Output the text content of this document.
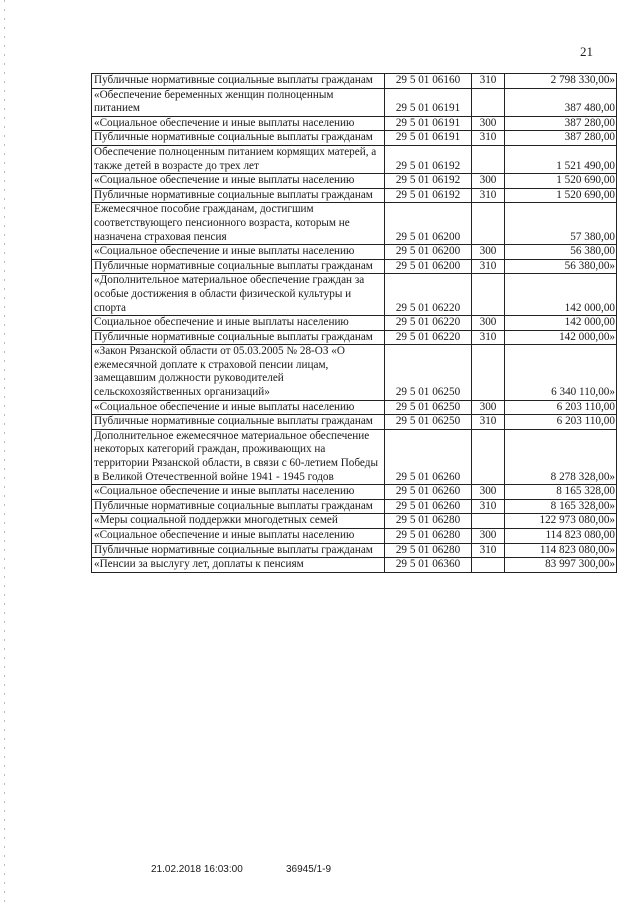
21
Публичные нормативные социальные выплаты гражданам	29 5 01 06160	310	2 798 330,00»
«Обеспечение беременных женщин полноценным питанием	29 5 01 06191		387 480,00
«Социальное обеспечение и иные выплаты населению	29 5 01 06191	300	387 280,00
Публичные нормативные социальные выплаты гражданам	29 5 01 06191	310	387 280,00
Обеспечение полноценным питанием кормящих матерей, а также детей в возрасте до трех лет	29 5 01 06192		1 521 490,00
«Социальное обеспечение и иные выплаты населению	29 5 01 06192	300	1 520 690,00
Публичные нормативные социальные выплаты гражданам	29 5 01 06192	310	1 520 690,00
Ежемесячное пособие гражданам, достигшим соответствующего пенсионного возраста, которым не назначена страховая пенсия	29 5 01 06200		57 380,00
«Социальное обеспечение и иные выплаты населению	29 5 01 06200	300	56 380,00
Публичные нормативные социальные выплаты гражданам	29 5 01 06200	310	56 380,00»
«Дополнительное материальное обеспечение граждан за особые достижения в области физической культуры и спорта	29 5 01 06220		142 000,00
Социальное обеспечение и иные выплаты населению	29 5 01 06220	300	142 000,00
Публичные нормативные социальные выплаты гражданам	29 5 01 06220	310	142 000,00»
«Закон Рязанской области от 05.03.2005 № 28-ОЗ «О ежемесячной доплате к страховой пенсии лицам, замещавшим должности руководителей сельскохозяйственных организаций»	29 5 01 06250		6 340 110,00»
«Социальное обеспечение и иные выплаты населению	29 5 01 06250	300	6 203 110,00
Публичные нормативные социальные выплаты гражданам	29 5 01 06250	310	6 203 110,00
Дополнительное ежемесячное материальное обеспечение некоторых категорий граждан, проживающих на территории Рязанской области, в связи с 60-летием Победы в Великой Отечественной войне 1941 - 1945 годов	29 5 01 06260		8 278 328,00»
«Социальное обеспечение и иные выплаты населению	29 5 01 06260	300	8 165 328,00
Публичные нормативные социальные выплаты гражданам	29 5 01 06260	310	8 165 328,00»
«Меры социальной поддержки многодетных семей	29 5 01 06280		122 973 080,00»
«Социальное обеспечение и иные выплаты населению	29 5 01 06280	300	114 823 080,00
Публичные нормативные социальные выплаты гражданам	29 5 01 06280	310	114 823 080,00»
«Пенсии за выслугу лет, доплаты к пенсиям	29 5 01 06360		83 997 300,00»
21.02.2018 16:03:00	36945/1-9
